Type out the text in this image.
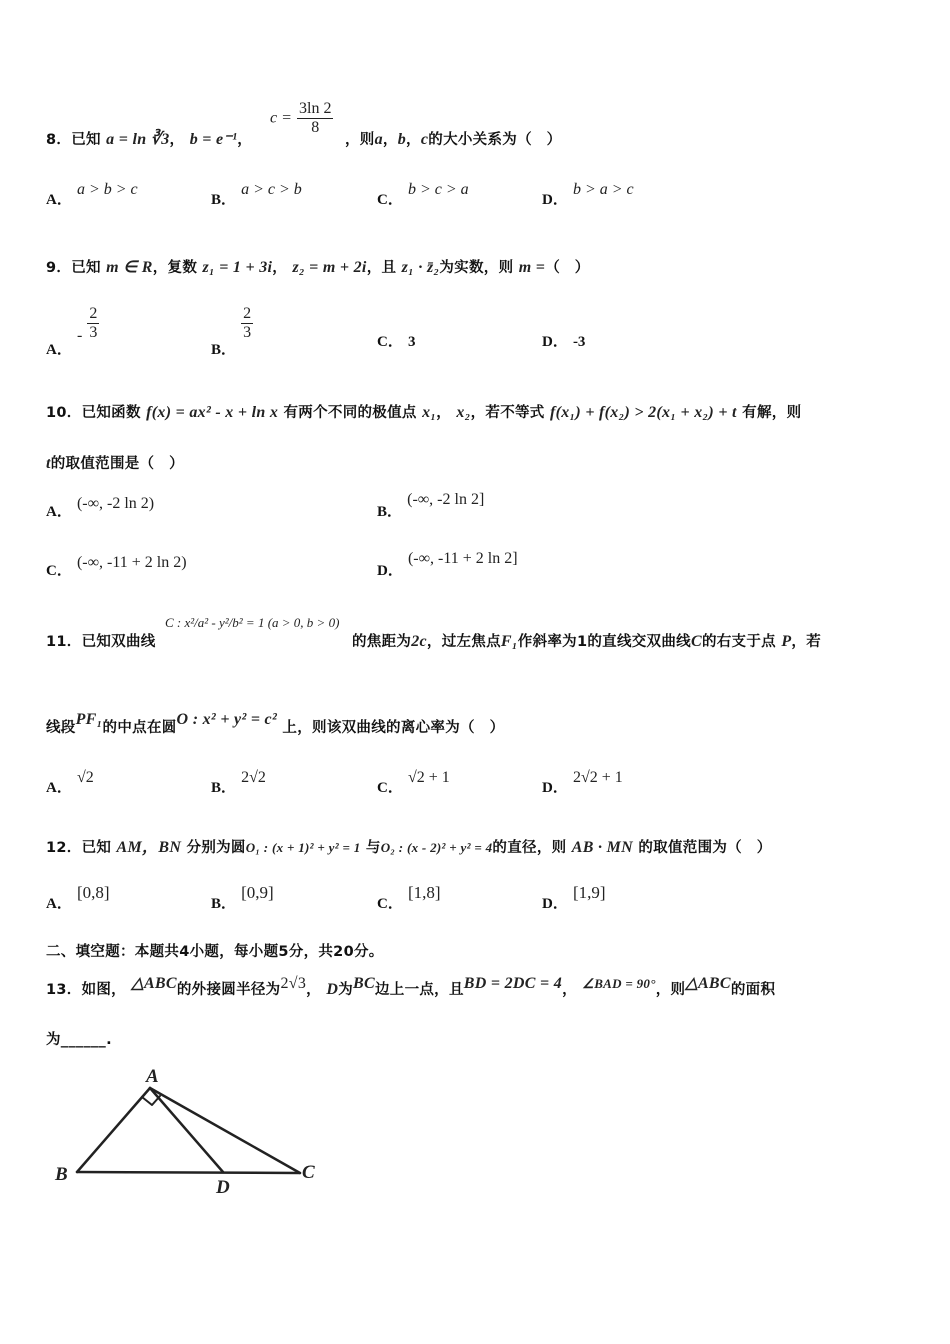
8．已知 a = ln ∛3， b = e⁻¹，
$c = \frac{3\ln 2}{8}$
，则a，b，c的大小关系为（　）
A． a > b > c
B． a > c > b
C． b > c > a
D． b > a > c
9．已知 m ∈ R，复数 z₁ = 1 + 3i， z₂ = m + 2i，且 z₁ · z̄₂为实数，则 m =（　）
A． - $\frac{2}{3}$
B．
$\frac{2}{3}$
C． 3	D． -3
10．已知函数 f(x) = ax² - x + ln x 有两个不同的极值点 x₁， x₂，若不等式 f(x₁) + f(x₂) > 2(x₁ + x₂) + t 有解，则
t的取值范围是（　）
A． (-∞, -2 ln 2)	B． (-∞, -2 ln 2]
C． (-∞, -11 + 2 ln 2)	D． (-∞, -11 + 2 ln 2]
11．已知双曲线
C : x²/a² - y²/b² = 1 (a > 0, b > 0)
的焦距为2c，过左焦点F₁作斜率为1的直线交双曲线C的右支于点 P，若
线段PF₁的中点在圆O : x² + y² = c² 上，则该双曲线的离心率为（　）
A． √2
B． 2√2
C． √2 + 1
D． 2√2 + 1
12．已知 AM，BN 分别为圆O₁ : (x + 1)² + y² = 1 与O₂ : (x - 2)² + y² = 4的直径，则 AB · MN 的取值范围为（　）
A． [0,8]
B． [0,9]
C． [1,8]
D． [1,9]
二、填空题：本题共4小题，每小题5分，共20分。
13．如图， △ABC的外接圆半径为2√3， D为BC边上一点，且BD = 2DC = 4， ∠BAD = 90°，则△ABC的面积
为______.
A
B
D
C
